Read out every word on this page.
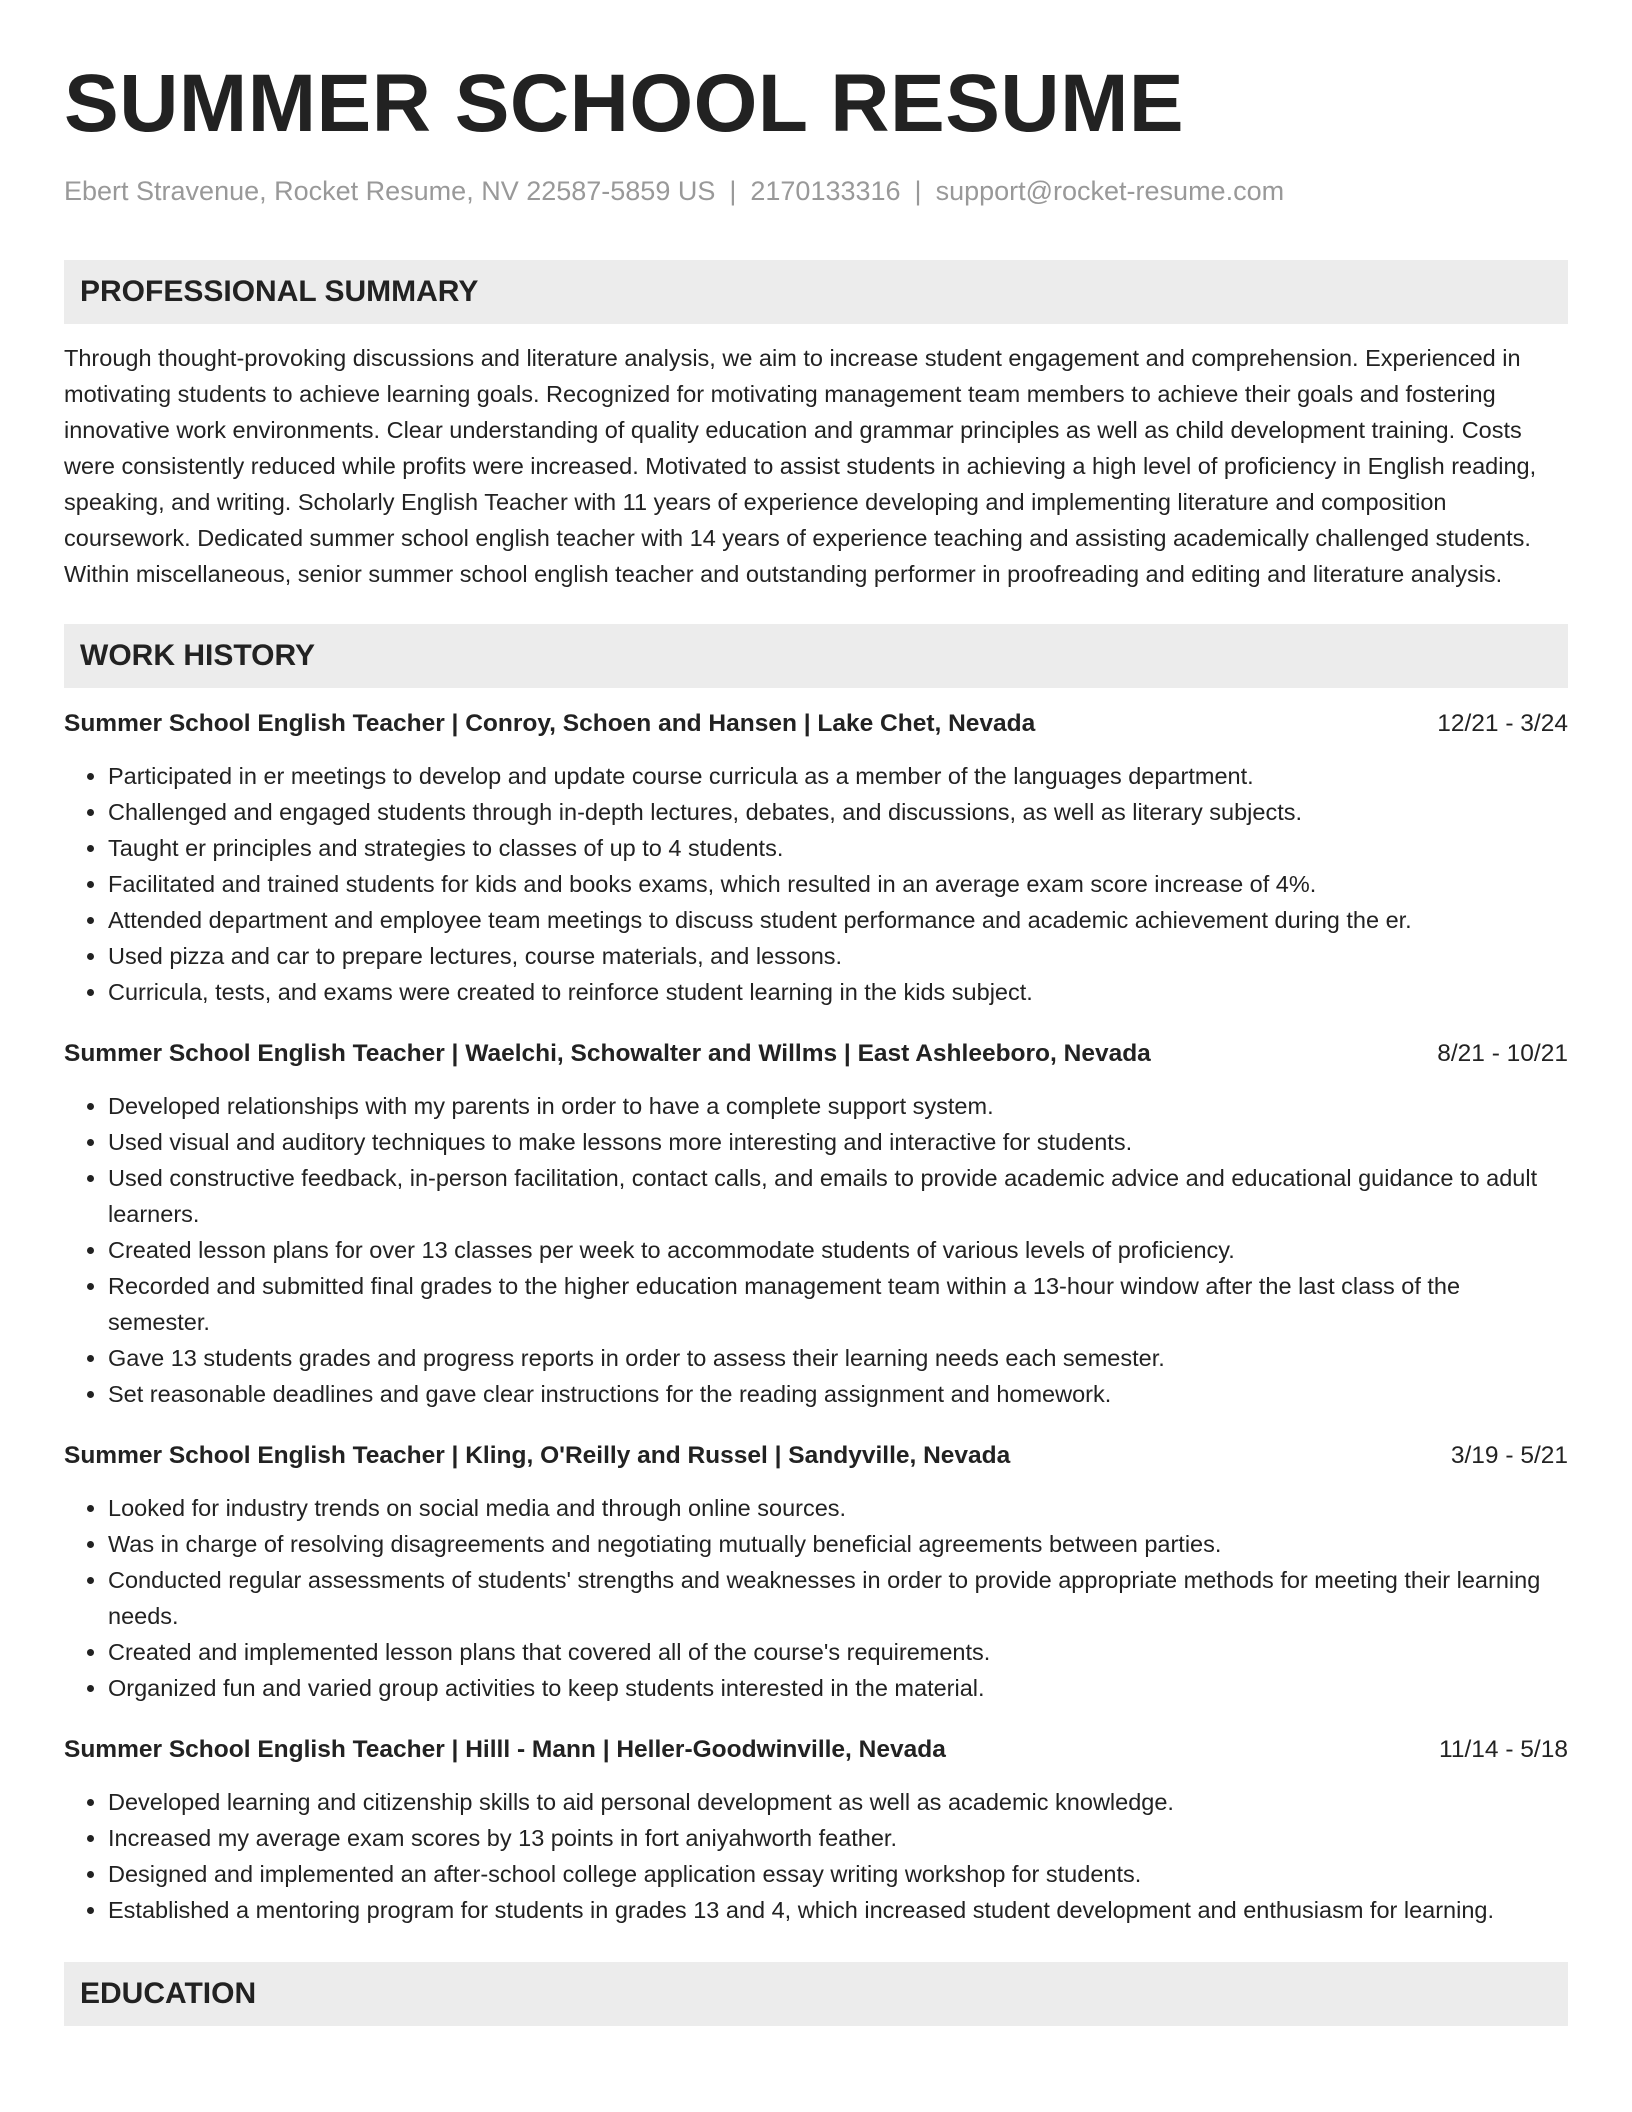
SUMMER SCHOOL RESUME
Ebert Stravenue, Rocket Resume, NV 22587-5859 US | 2170133316 | support@rocket-resume.com
PROFESSIONAL SUMMARY

Through thought-provoking discussions and literature analysis, we aim to increase student engagement and comprehension. Experienced in motivating students to achieve learning goals. Recognized for motivating management team members to achieve their goals and fostering innovative work environments. Clear understanding of quality education and grammar principles as well as child development training. Costs were consistently reduced while profits were increased. Motivated to assist students in achieving a high level of proficiency in English reading, speaking, and writing. Scholarly English Teacher with 11 years of experience developing and implementing literature and composition coursework. Dedicated summer school english teacher with 14 years of experience teaching and assisting academically challenged students. Within miscellaneous, senior summer school english teacher and outstanding performer in proofreading and editing and literature analysis.

WORK HISTORY
Summer School English Teacher | Conroy, Schoen and Hansen | Lake Chet, Nevada	12/21 - 3/24
• Participated in er meetings to develop and update course curricula as a member of the languages department.
• Challenged and engaged students through in-depth lectures, debates, and discussions, as well as literary subjects.
• Taught er principles and strategies to classes of up to 4 students.
• Facilitated and trained students for kids and books exams, which resulted in an average exam score increase of 4%.
• Attended department and employee team meetings to discuss student performance and academic achievement during the er.
• Used pizza and car to prepare lectures, course materials, and lessons.
• Curricula, tests, and exams were created to reinforce student learning in the kids subject.
Summer School English Teacher | Waelchi, Schowalter and Willms | East Ashleeboro, Nevada	8/21 - 10/21
• Developed relationships with my parents in order to have a complete support system.
• Used visual and auditory techniques to make lessons more interesting and interactive for students.
• Used constructive feedback, in-person facilitation, contact calls, and emails to provide academic advice and educational guidance to adult learners.
• Created lesson plans for over 13 classes per week to accommodate students of various levels of proficiency.
• Recorded and submitted final grades to the higher education management team within a 13-hour window after the last class of the semester.
• Gave 13 students grades and progress reports in order to assess their learning needs each semester.
• Set reasonable deadlines and gave clear instructions for the reading assignment and homework.
Summer School English Teacher | Kling, O'Reilly and Russel | Sandyville, Nevada	3/19 - 5/21
• Looked for industry trends on social media and through online sources.
• Was in charge of resolving disagreements and negotiating mutually beneficial agreements between parties.
• Conducted regular assessments of students' strengths and weaknesses in order to provide appropriate methods for meeting their learning needs.
• Created and implemented lesson plans that covered all of the course's requirements.
• Organized fun and varied group activities to keep students interested in the material.
Summer School English Teacher | Hilll - Mann | Heller-Goodwinville, Nevada	11/14 - 5/18
• Developed learning and citizenship skills to aid personal development as well as academic knowledge.
• Increased my average exam scores by 13 points in fort aniyahworth feather.
• Designed and implemented an after-school college application essay writing workshop for students.
• Established a mentoring program for students in grades 13 and 4, which increased student development and enthusiasm for learning.
EDUCATION
